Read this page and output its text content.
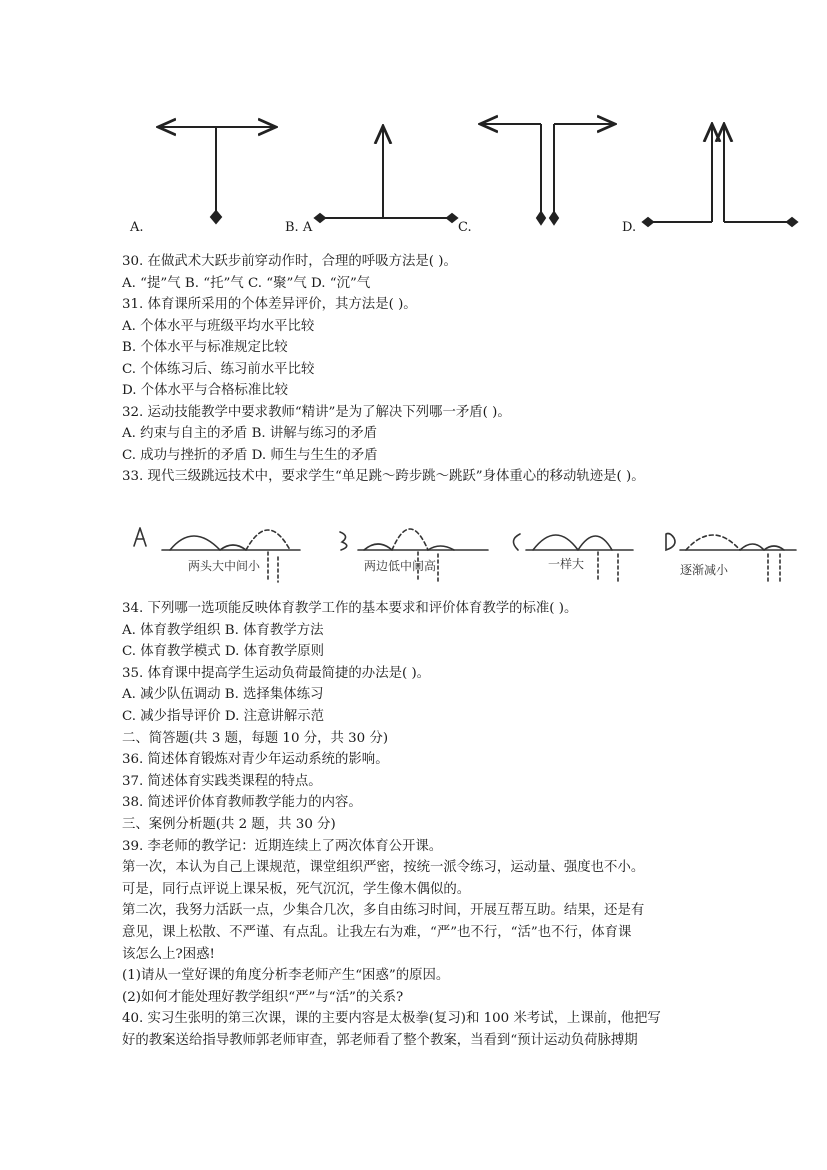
A.	B. A	C.	D.
30. 在做武术大跃步前穿动作时，合理的呼吸方法是( )。
A. “提”气 B. “托”气 C. “聚”气 D. “沉”气
31. 体育课所采用的个体差异评价，其方法是( )。
A. 个体水平与班级平均水平比较
B. 个体水平与标准规定比较
C. 个体练习后、练习前水平比较
D. 个体水平与合格标准比较
32. 运动技能教学中要求教师“精讲”是为了解决下列哪一矛盾( )。
A. 约束与自主的矛盾 B. 讲解与练习的矛盾
C. 成功与挫折的矛盾 D. 师生与生生的矛盾
33. 现代三级跳远技术中，要求学生“单足跳～跨步跳～跳跃”身体重心的移动轨迹是( )。
两头大中间小	两边低中间高	一样大	逐渐减小
34. 下列哪一选项能反映体育教学工作的基本要求和评价体育教学的标准( )。
A. 体育教学组织 B. 体育教学方法
C. 体育教学模式 D. 体育教学原则
35. 体育课中提高学生运动负荷最简捷的办法是( )。
A. 减少队伍调动 B. 选择集体练习
C. 减少指导评价 D. 注意讲解示范
二、简答题(共 3 题，每题 10 分，共 30 分)
36. 简述体育锻炼对青少年运动系统的影响。
37. 简述体育实践类课程的特点。
38. 简述评价体育教师教学能力的内容。
三、案例分析题(共 2 题，共 30 分)
39. 李老师的教学记：近期连续上了两次体育公开课。
第一次，本认为自己上课规范，课堂组织严密，按统一派令练习，运动量、强度也不小。
可是，同行点评说上课呆板，死气沉沉，学生像木偶似的。
第二次，我努力活跃一点，少集合几次，多自由练习时间，开展互帮互助。结果，还是有
意见，课上松散、不严谨、有点乱。让我左右为难，“严”也不行，“活”也不行，体育课
该怎么上?困惑!
(1)请从一堂好课的角度分析李老师产生“困惑”的原因。
(2)如何才能处理好教学组织“严”与“活”的关系?
40. 实习生张明的第三次课，课的主要内容是太极拳(复习)和 100 米考试，上课前，他把写
好的教案送给指导教师郭老师审查，郭老师看了整个教案，当看到“预计运动负荷脉搏期
